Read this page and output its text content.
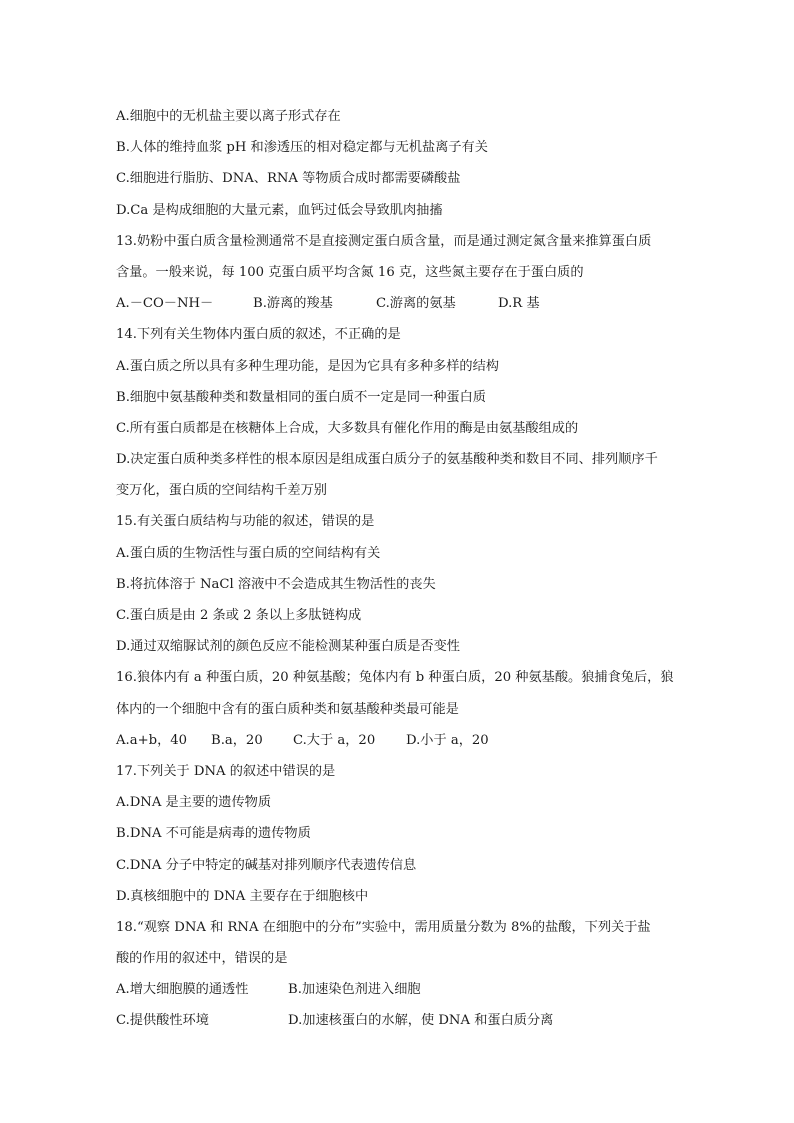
A.细胞中的无机盐主要以离子形式存在
B.人体的维持血浆 pH 和渗透压的相对稳定都与无机盐离子有关
C.细胞进行脂肪、DNA、RNA 等物质合成时都需要磷酸盐
D.Ca 是构成细胞的大量元素，血钙过低会导致肌肉抽搐
13.奶粉中蛋白质含量检测通常不是直接测定蛋白质含量，而是通过测定氮含量来推算蛋白质
含量。一般来说，每 100 克蛋白质平均含氮 16 克，这些氮主要存在于蛋白质的
A.－CO－NH－	B.游离的羧基	C.游离的氨基	D.R 基
14.下列有关生物体内蛋白质的叙述，不正确的是
A.蛋白质之所以具有多种生理功能，是因为它具有多种多样的结构
B.细胞中氨基酸种类和数量相同的蛋白质不一定是同一种蛋白质
C.所有蛋白质都是在核糖体上合成，大多数具有催化作用的酶是由氨基酸组成的
D.决定蛋白质种类多样性的根本原因是组成蛋白质分子的氨基酸种类和数目不同、排列顺序千
变万化，蛋白质的空间结构千差万别
15.有关蛋白质结构与功能的叙述，错误的是
A.蛋白质的生物活性与蛋白质的空间结构有关
B.将抗体溶于 NaCl 溶液中不会造成其生物活性的丧失
C.蛋白质是由 2 条或 2 条以上多肽链构成
D.通过双缩脲试剂的颜色反应不能检测某种蛋白质是否变性
16.狼体内有 a 种蛋白质，20 种氨基酸；兔体内有 b 种蛋白质，20 种氨基酸。狼捕食兔后，狼
体内的一个细胞中含有的蛋白质种类和氨基酸种类最可能是
A.a+b，40 B.a，20 C.大于 a，20 D.小于 a，20
17.下列关于 DNA 的叙述中错误的是
A.DNA 是主要的遗传物质
B.DNA 不可能是病毒的遗传物质
C.DNA 分子中特定的碱基对排列顺序代表遗传信息
D.真核细胞中的 DNA 主要存在于细胞核中
18.“观察 DNA 和 RNA 在细胞中的分布”实验中，需用质量分数为 8%的盐酸，下列关于盐
酸的作用的叙述中，错误的是
A.增大细胞膜的通透性	B.加速染色剂进入细胞
C.提供酸性环境	D.加速核蛋白的水解，使 DNA 和蛋白质分离
